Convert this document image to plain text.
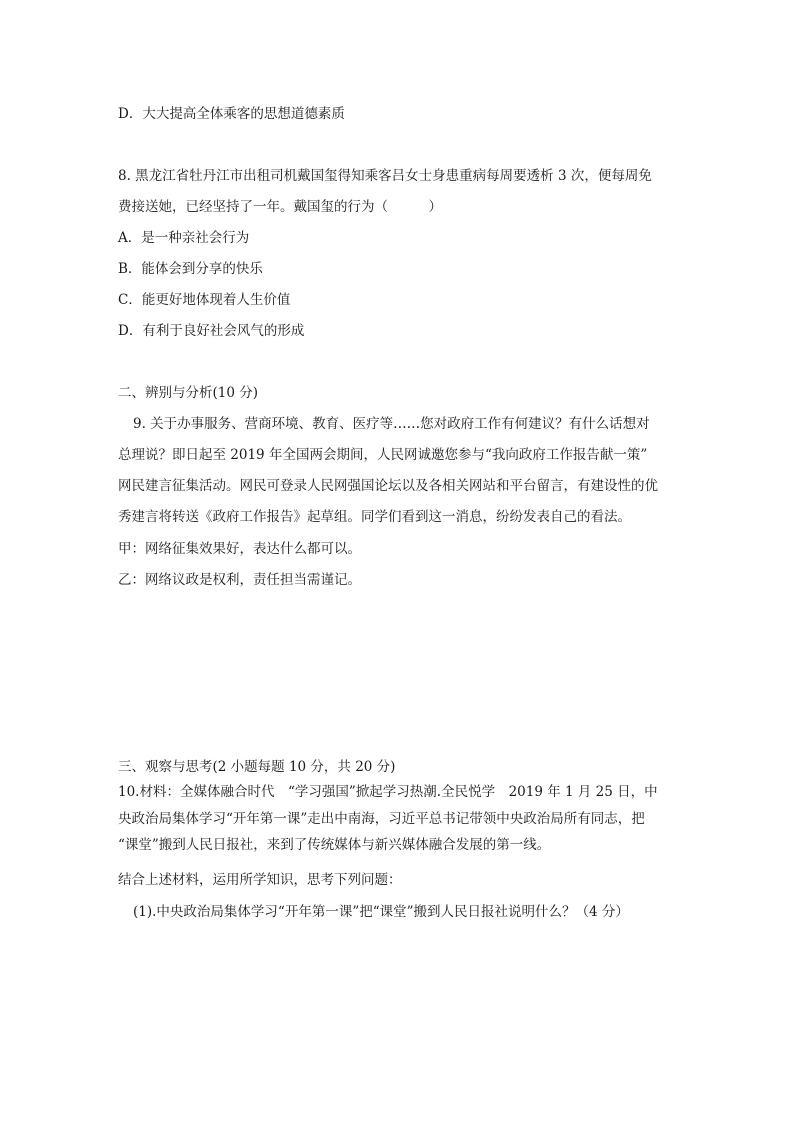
D．大大提高全体乘客的思想道德素质
8. 黑龙江省牡丹江市出租司机戴国玺得知乘客吕女士身患重病每周要透析 3 次，便每周免
费接送她，已经坚持了一年。戴国玺的行为（　　　）
A．是一种亲社会行为
B．能体会到分享的快乐
C．能更好地体现着人生价值
D．有利于良好社会风气的形成
二、辨别与分析(10 分)
9. 关于办事服务、营商环境、教育、医疗等……您对政府工作有何建议？有什么话想对
总理说？即日起至 2019 年全国两会期间，人民网诚邀您参与“我向政府工作报告献一策”
网民建言征集活动。网民可登录人民网强国论坛以及各相关网站和平台留言，有建设性的优
秀建言将转送《政府工作报告》起草组。同学们看到这一消息，纷纷发表自己的看法。
甲：网络征集效果好，表达什么都可以。
乙：网络议政是权利，责任担当需谨记。
三、观察与思考(2 小题每题 10 分，共 20 分)
10.材料：全媒体融合时代　“学习强国”掀起学习热潮.全民悦学　2019 年 1 月 25 日，中
央政治局集体学习“开年第一课”走出中南海，习近平总书记带领中央政治局所有同志，把
“课堂”搬到人民日报社，来到了传统媒体与新兴媒体融合发展的第一线。
结合上述材料，运用所学知识，思考下列问题：
(1).中央政治局集体学习“开年第一课”把“课堂”搬到人民日报社说明什么？（4 分）
